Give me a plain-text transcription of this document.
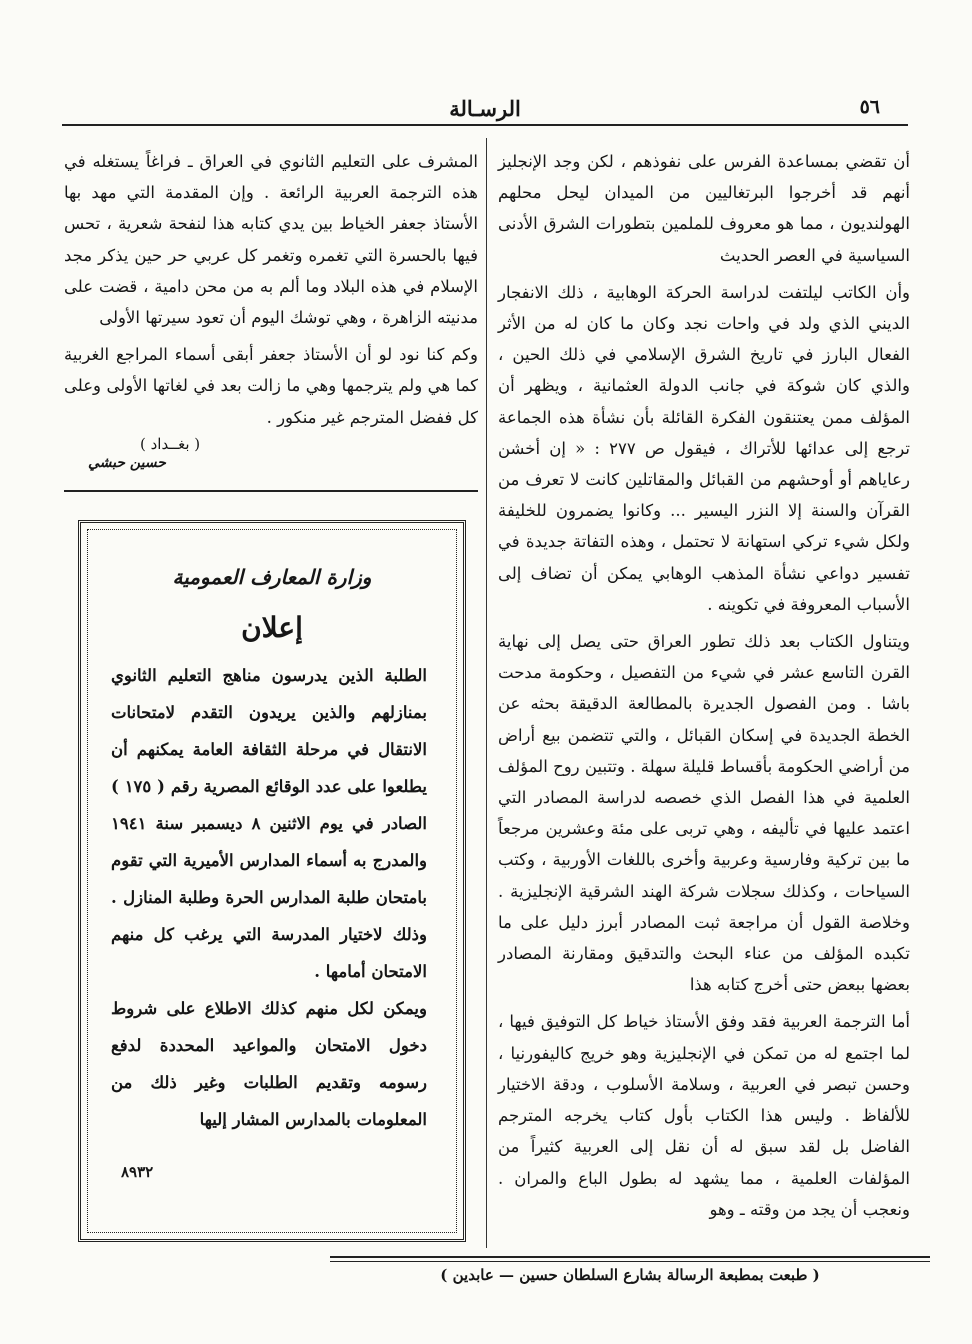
٥٦
الرسـالة

أن تقضي بمساعدة الفرس على نفوذهم ، لكن وجد الإنجليز أنهم قد أخرجوا البرتغاليين من الميدان ليحل محلهم الهولنديون ، مما هو معروف للملمين بتطورات الشرق الأدنى السياسية في العصر الحديث

وأن الكاتب ليلتفت لدراسة الحركة الوهابية ، ذلك الانفجار الديني الذي ولد في واحات نجد وكان ما كان له من الأثر الفعال البارز في تاريخ الشرق الإسلامي في ذلك الحين ، والذي كان شوكة في جانب الدولة العثمانية ، ويظهر أن المؤلف ممن يعتنقون الفكرة القائلة بأن نشأة هذه الجماعة ترجع إلى عدائها للأتراك ، فيقول ص ٢٧٧ : « إن أخشن رعاياهم أو أوحشهم من القبائل والمقاتلين كانت لا تعرف من القرآن والسنة إلا النزر اليسير ... وكانوا يضمرون للخليفة ولكل شيء تركي استهانة لا تحتمل ، وهذه التفاتة جديدة في تفسير دواعي نشأة المذهب الوهابي يمكن أن تضاف إلى الأسباب المعروفة في تكوينه .

ويتناول الكتاب بعد ذلك تطور العراق حتى يصل إلى نهاية القرن التاسع عشر في شيء من التفصيل ، وحكومة مدحت باشا . ومن الفصول الجديرة بالمطالعة الدقيقة بحثه عن الخطة الجديدة في إسكان القبائل ، والتي تتضمن بيع أراض من أراضي الحكومة بأقساط قليلة سهلة . وتتبين روح المؤلف العلمية في هذا الفصل الذي خصصه لدراسة المصادر التي اعتمد عليها في تأليفه ، وهي تربى على مئة وعشرين مرجعاً ما بين تركية وفارسية وعربية وأخرى باللغات الأوربية ، وكتب السياحات ، وكذلك سجلات شركة الهند الشرقية الإنجليزية . وخلاصة القول أن مراجعة ثبت المصادر أبرز دليل على ما تكبده المؤلف من عناء البحث والتدقيق ومقارنة المصادر بعضها ببعض حتى أخرج كتابه هذا

أما الترجمة العربية فقد وفق الأستاذ خياط كل التوفيق فيها ، لما اجتمع له من تمكن في الإنجليزية وهو خريج كاليفورنيا ، وحسن تبصر في العربية ، وسلامة الأسلوب ، ودقة الاختيار للألفاظ . وليس هذا الكتاب بأول كتاب يخرجه المترجم الفاضل بل لقد سبق له أن نقل إلى العربية كثيراً من المؤلفات العلمية ، مما يشهد له بطول الباع والمران . ونعجب أن يجد من وقته ـ وهو

المشرف على التعليم الثانوي في العراق ـ فراغاً يستغله في هذه الترجمة العربية الرائعة . وإن المقدمة التي مهد بها الأستاذ جعفر الخياط بين يدي كتابه هذا لنفحة شعرية ، تحس فيها بالحسرة التي تغمره وتغمر كل عربي حر حين يذكر مجد الإسلام في هذه البلاد وما ألم به من محن دامية ، قضت على مدنيته الزاهرة ، وهي توشك اليوم أن تعود سيرتها الأولى

وكم كنا نود لو أن الأستاذ جعفر أبقى أسماء المراجع الغربية كما هي ولم يترجمها وهي ما زالت بعد في لغاتها الأولى وعلى كل ففضل المترجم غير منكور .

( بغــداد )
حسين حبشي
وزارة المعارف العمومية
إعلان

الطلبة الذين يدرسون مناهج التعليم الثانوي بمنازلهم والذين يريدون التقدم لامتحانات الانتقال في مرحلة الثقافة العامة يمكنهم أن يطلعوا على عدد الوقائع المصرية رقم ( ١٧٥ ) الصادر في يوم الاثنين ٨ ديسمبر سنة ١٩٤١ والمدرج به أسماء المدارس الأميرية التي تقوم بامتحان طلبة المدارس الحرة وطلبة المنازل . وذلك لاختيار المدرسة التي يرغب كل منهم الامتحان أمامها .

ويمكن لكل منهم كذلك الاطلاع على شروط دخول الامتحان والمواعيد المحددة لدفع رسومه وتقديم الطلبات وغير ذلك من المعلومات بالمدارس المشار إليها

٨٩٣٢
( طبعت بمطبعة الرسالة بشارع السلطان حسين — عابدين )
